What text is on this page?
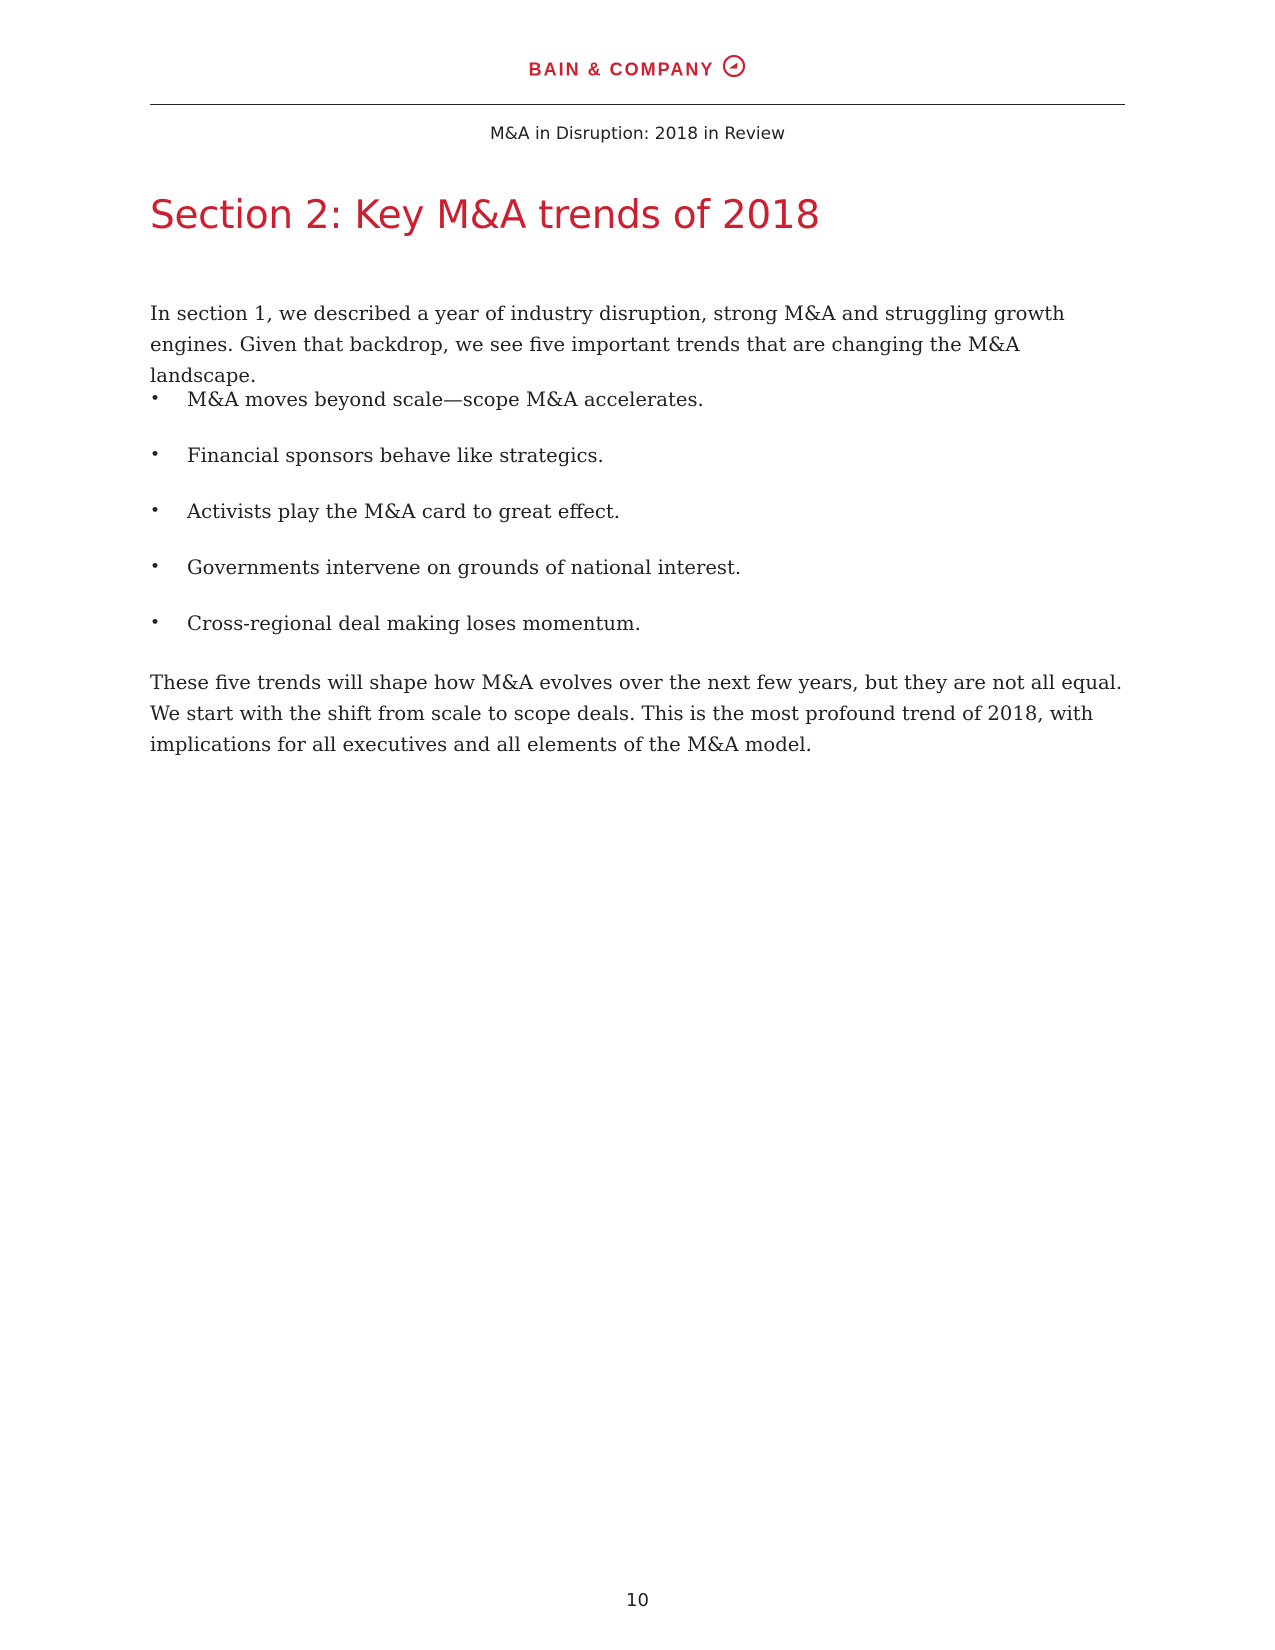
BAIN & COMPANY
M&A in Disruption: 2018 in Review
Section 2: Key M&A trends of 2018

In section 1, we described a year of industry disruption, strong M&A and struggling growth engines. Given that backdrop, we see five important trends that are changing the M&A landscape.

• M&A moves beyond scale—scope M&A accelerates.
• Financial sponsors behave like strategics.
• Activists play the M&A card to great effect.
• Governments intervene on grounds of national interest.
• Cross-regional deal making loses momentum.

These five trends will shape how M&A evolves over the next few years, but they are not all equal. We start with the shift from scale to scope deals. This is the most profound trend of 2018, with implications for all executives and all elements of the M&A model.

10
